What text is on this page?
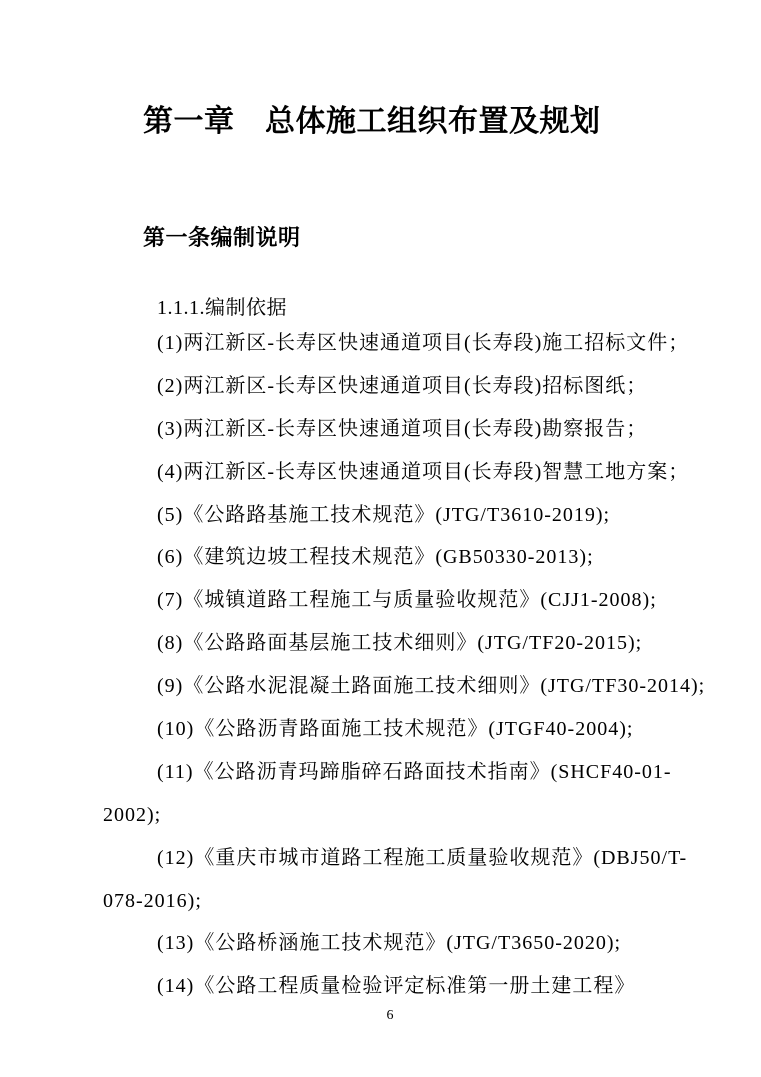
第一章　总体施工组织布置及规划
第一条编制说明
1.1.1.编制依据
(1)两江新区-长寿区快速通道项目(长寿段)施工招标文件；
(2)两江新区-长寿区快速通道项目(长寿段)招标图纸；
(3)两江新区-长寿区快速通道项目(长寿段)勘察报告；
(4)两江新区-长寿区快速通道项目(长寿段)智慧工地方案；
(5)《公路路基施工技术规范》(JTG/T3610-2019);
(6)《建筑边坡工程技术规范》(GB50330-2013);
(7)《城镇道路工程施工与质量验收规范》(CJJ1-2008);
(8)《公路路面基层施工技术细则》(JTG/TF20-2015);
(9)《公路水泥混凝土路面施工技术细则》(JTG/TF30-2014);
(10)《公路沥青路面施工技术规范》(JTGF40-2004);
(11)《公路沥青玛蹄脂碎石路面技术指南》(SHCF40-01-
2002);
(12)《重庆市城市道路工程施工质量验收规范》(DBJ50/T-
078-2016);
(13)《公路桥涵施工技术规范》(JTG/T3650-2020);
(14)《公路工程质量检验评定标准第一册土建工程》
6
